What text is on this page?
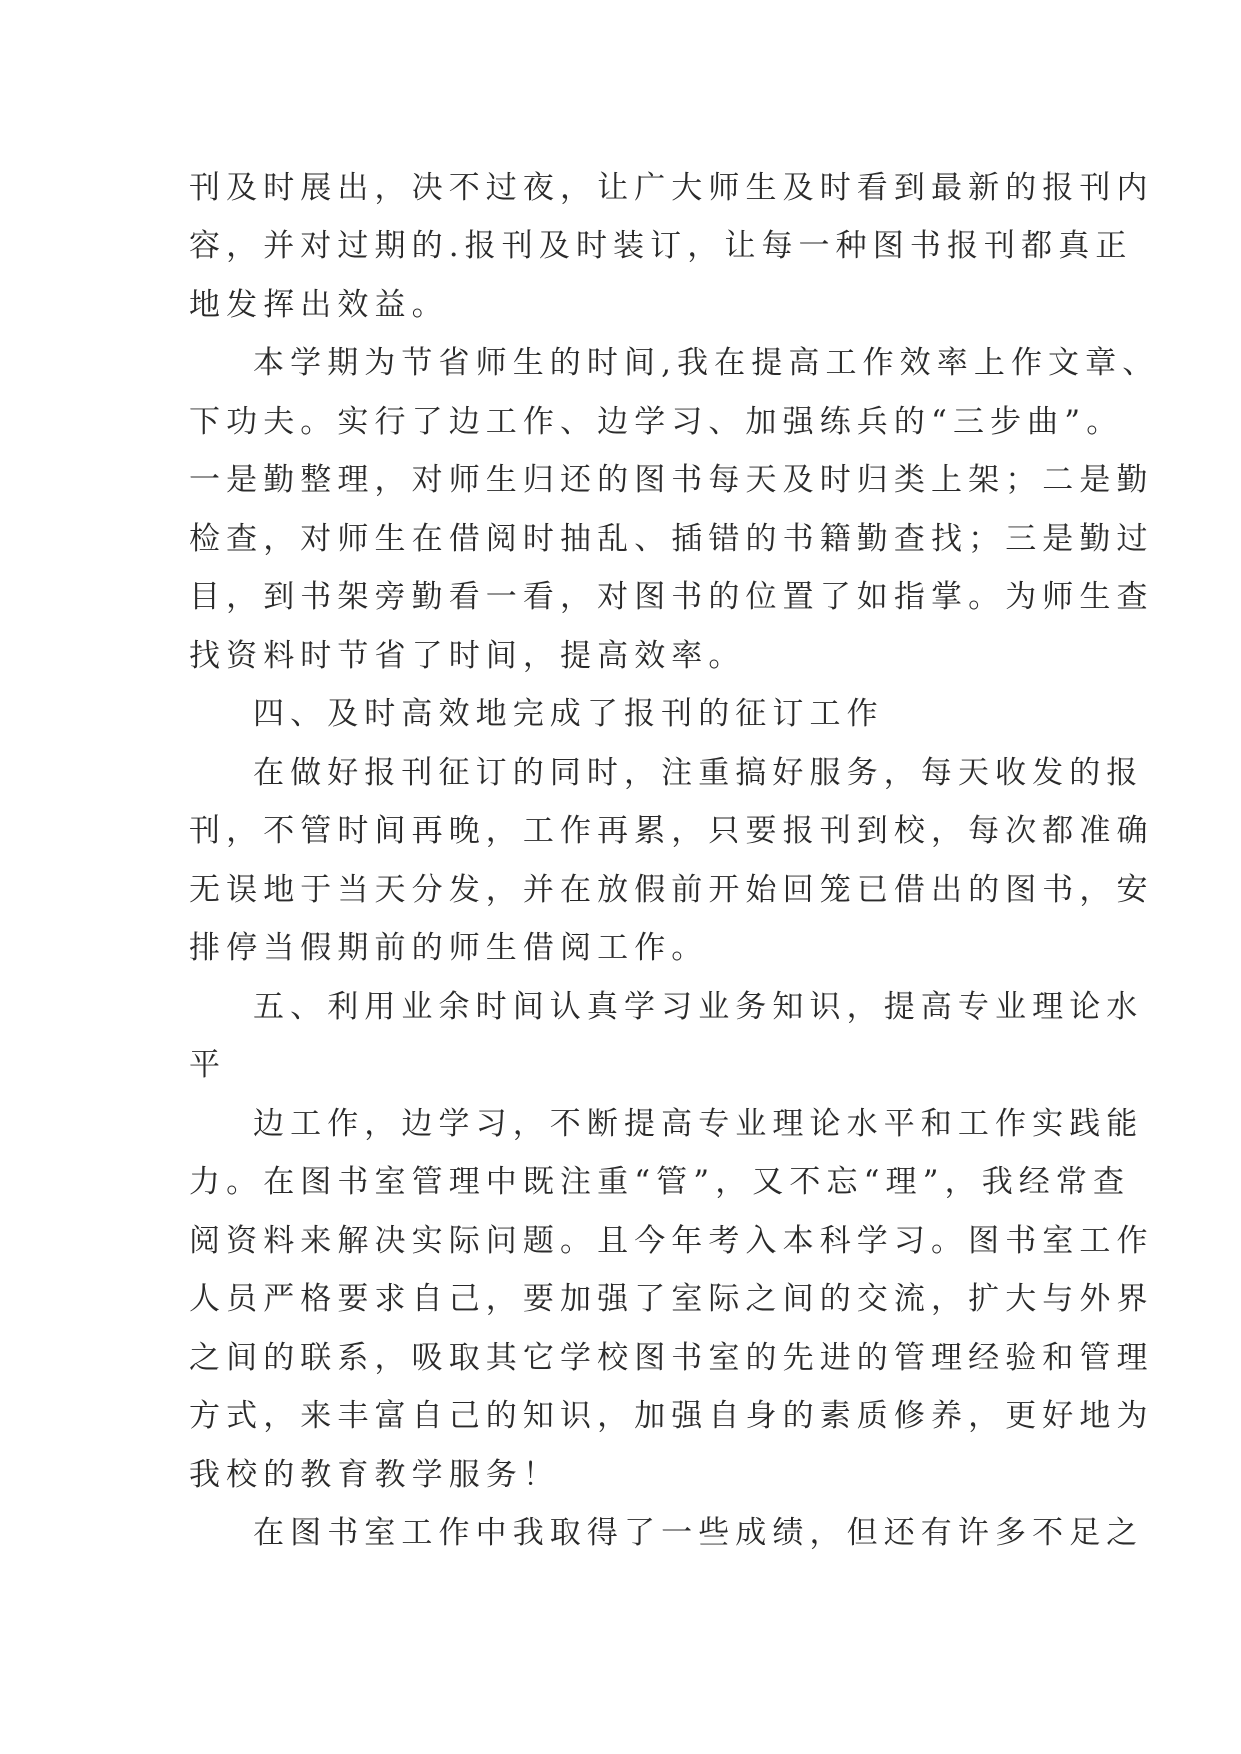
刊及时展出，决不过夜，让广大师生及时看到最新的报刊内
容，并对过期的.报刊及时装订，让每一种图书报刊都真正
地发挥出效益。
本学期为节省师生的时间,我在提高工作效率上作文章、
下功夫。实行了边工作、边学习、加强练兵的“三步曲”。
一是勤整理，对师生归还的图书每天及时归类上架；二是勤
检查，对师生在借阅时抽乱、插错的书籍勤查找；三是勤过
目，到书架旁勤看一看，对图书的位置了如指掌。为师生查
找资料时节省了时间，提高效率。
四、及时高效地完成了报刊的征订工作
在做好报刊征订的同时，注重搞好服务，每天收发的报
刊，不管时间再晚，工作再累，只要报刊到校，每次都准确
无误地于当天分发，并在放假前开始回笼已借出的图书，安
排停当假期前的师生借阅工作。
五、利用业余时间认真学习业务知识，提高专业理论水
平
边工作，边学习，不断提高专业理论水平和工作实践能
力。在图书室管理中既注重“管”，又不忘“理”，我经常查
阅资料来解决实际问题。且今年考入本科学习。图书室工作
人员严格要求自己，要加强了室际之间的交流，扩大与外界
之间的联系，吸取其它学校图书室的先进的管理经验和管理
方式，来丰富自己的知识，加强自身的素质修养，更好地为
我校的教育教学服务！
在图书室工作中我取得了一些成绩，但还有许多不足之
